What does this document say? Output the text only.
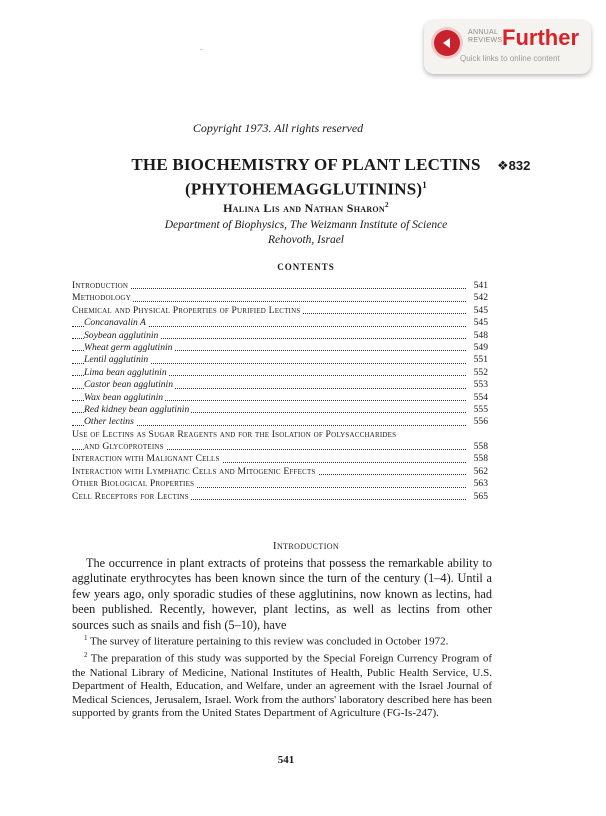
ANNUAL REVIEWS Further
Quick links to online content
Copyright 1973. All rights reserved
❖832
THE BIOCHEMISTRY OF PLANT LECTINS
(PHYTOHEMAGGLUTININS)$^1$
Halina Lis and Nathan Sharon$^2$
Department of Biophysics, The Weizmann Institute of Science
Rehovoth, Israel
CONTENTS
Introduction	541
Methodology	542
Chemical and Physical Properties of Purified Lectins	545
Concanavalin A	545
Soybean agglutinin	548
Wheat germ agglutinin	549
Lentil agglutinin	551
Lima bean agglutinin	552
Castor bean agglutinin	553
Wax bean agglutinin	554
Red kidney bean agglutinin	555
Other lectins	556
Use of Lectins as Sugar Reagents and for the Isolation of Polysaccharides
and Glycoproteins	558
Interaction with Malignant Cells	558
Interaction with Lymphatic Cells and Mitogenic Effects	562
Other Biological Properties	563
Cell Receptors for Lectins	565
Introduction

The occurrence in plant extracts of proteins that possess the remarkable ability to agglutinate erythrocytes has been known since the turn of the century (1–4). Until a few years ago, only sporadic studies of these agglutinins, now known as lectins, had been published. Recently, however, plant lectins, as well as lectins from other sources such as snails and fish (5–10), have

$^1$ The survey of literature pertaining to this review was concluded in October 1972.

$^2$ The preparation of this study was supported by the Special Foreign Currency Program of the National Library of Medicine, National Institutes of Health, Public Health Service, U.S. Department of Health, Education, and Welfare, under an agreement with the Israel Journal of Medical Sciences, Jerusalem, Israel. Work from the authors' laboratory described here has been supported by grants from the United States Department of Agriculture (FG-Is-247).

541
